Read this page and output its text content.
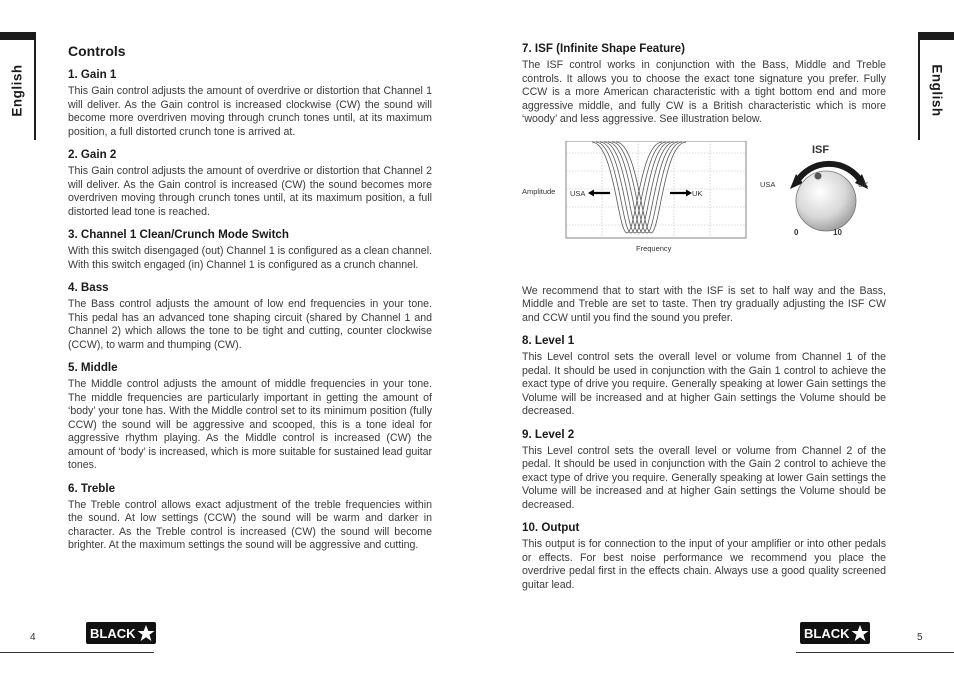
English	English
Controls
1. Gain 1

This Gain control adjusts the amount of overdrive or distortion that Channel 1 will deliver. As the Gain control is increased clockwise (CW) the sound will become more overdriven moving through crunch tones until, at its maximum position, a full distorted crunch tone is arrived at.

2. Gain 2

This Gain control adjusts the amount of overdrive or distortion that Channel 2 will deliver. As the Gain control is increased (CW) the sound becomes more overdriven moving through crunch tones until, at its maximum position, a full distorted lead tone is reached.

3. Channel 1 Clean/Crunch Mode Switch

With this switch disengaged (out) Channel 1 is configured as a clean channel. With this switch engaged (in) Channel 1 is configured as a crunch channel.

4. Bass

The Bass control adjusts the amount of low end frequencies in your tone. This pedal has an advanced tone shaping circuit (shared by Channel 1 and Channel 2) which allows the tone to be tight and cutting, counter clockwise (CCW), to warm and thumping (CW).

5. Middle

The Middle control adjusts the amount of middle frequencies in your tone. The middle frequencies are particularly important in getting the amount of ‘body’ your tone has. With the Middle control set to its minimum position (fully CCW) the sound will be aggressive and scooped, this is a tone ideal for aggressive rhythm playing. As the Middle control is increased (CW) the amount of ‘body’ is increased, which is more suitable for sustained lead guitar tones.

6. Treble

The Treble control allows exact adjustment of the treble frequencies within the sound. At low settings (CCW) the sound will be warm and darker in character. As the Treble control is increased (CW) the sound will become brighter. At the maximum settings the sound will be aggressive and cutting.

7. ISF (Infinite Shape Feature)

The ISF control works in conjunction with the Bass, Middle and Treble controls. It allows you to choose the exact tone signature you prefer. Fully CCW is a more American characteristic with a tight bottom end and more aggressive middle, and fully CW is a British characteristic which is more ‘woody’ and less aggressive. See illustration below.

USA	UK
Amplitude
Frequency
ISF
USA	UK
0	10

We recommend that to start with the ISF is set to half way and the Bass, Middle and Treble are set to taste. Then try gradually adjusting the ISF CW and CCW until you find the sound you prefer.

8. Level 1

This Level control sets the overall level or volume from Channel 1 of the pedal. It should be used in conjunction with the Gain 1 control to achieve the exact type of drive you require. Generally speaking at lower Gain settings the Volume will be increased and at higher Gain settings the Volume should be decreased.

9. Level 2

This Level control sets the overall level or volume from Channel 2 of the pedal. It should be used in conjunction with the Gain 2 control to achieve the exact type of drive you require. Generally speaking at lower Gain settings the Volume will be increased and at higher Gain settings the Volume should be decreased.

10. Output

This output is for connection to the input of your amplifier or into other pedals or effects. For best noise performance we recommend you place the overdrive pedal first in the effects chain. Always use a good quality screened guitar lead.

4	5
BLACK	BLACK
